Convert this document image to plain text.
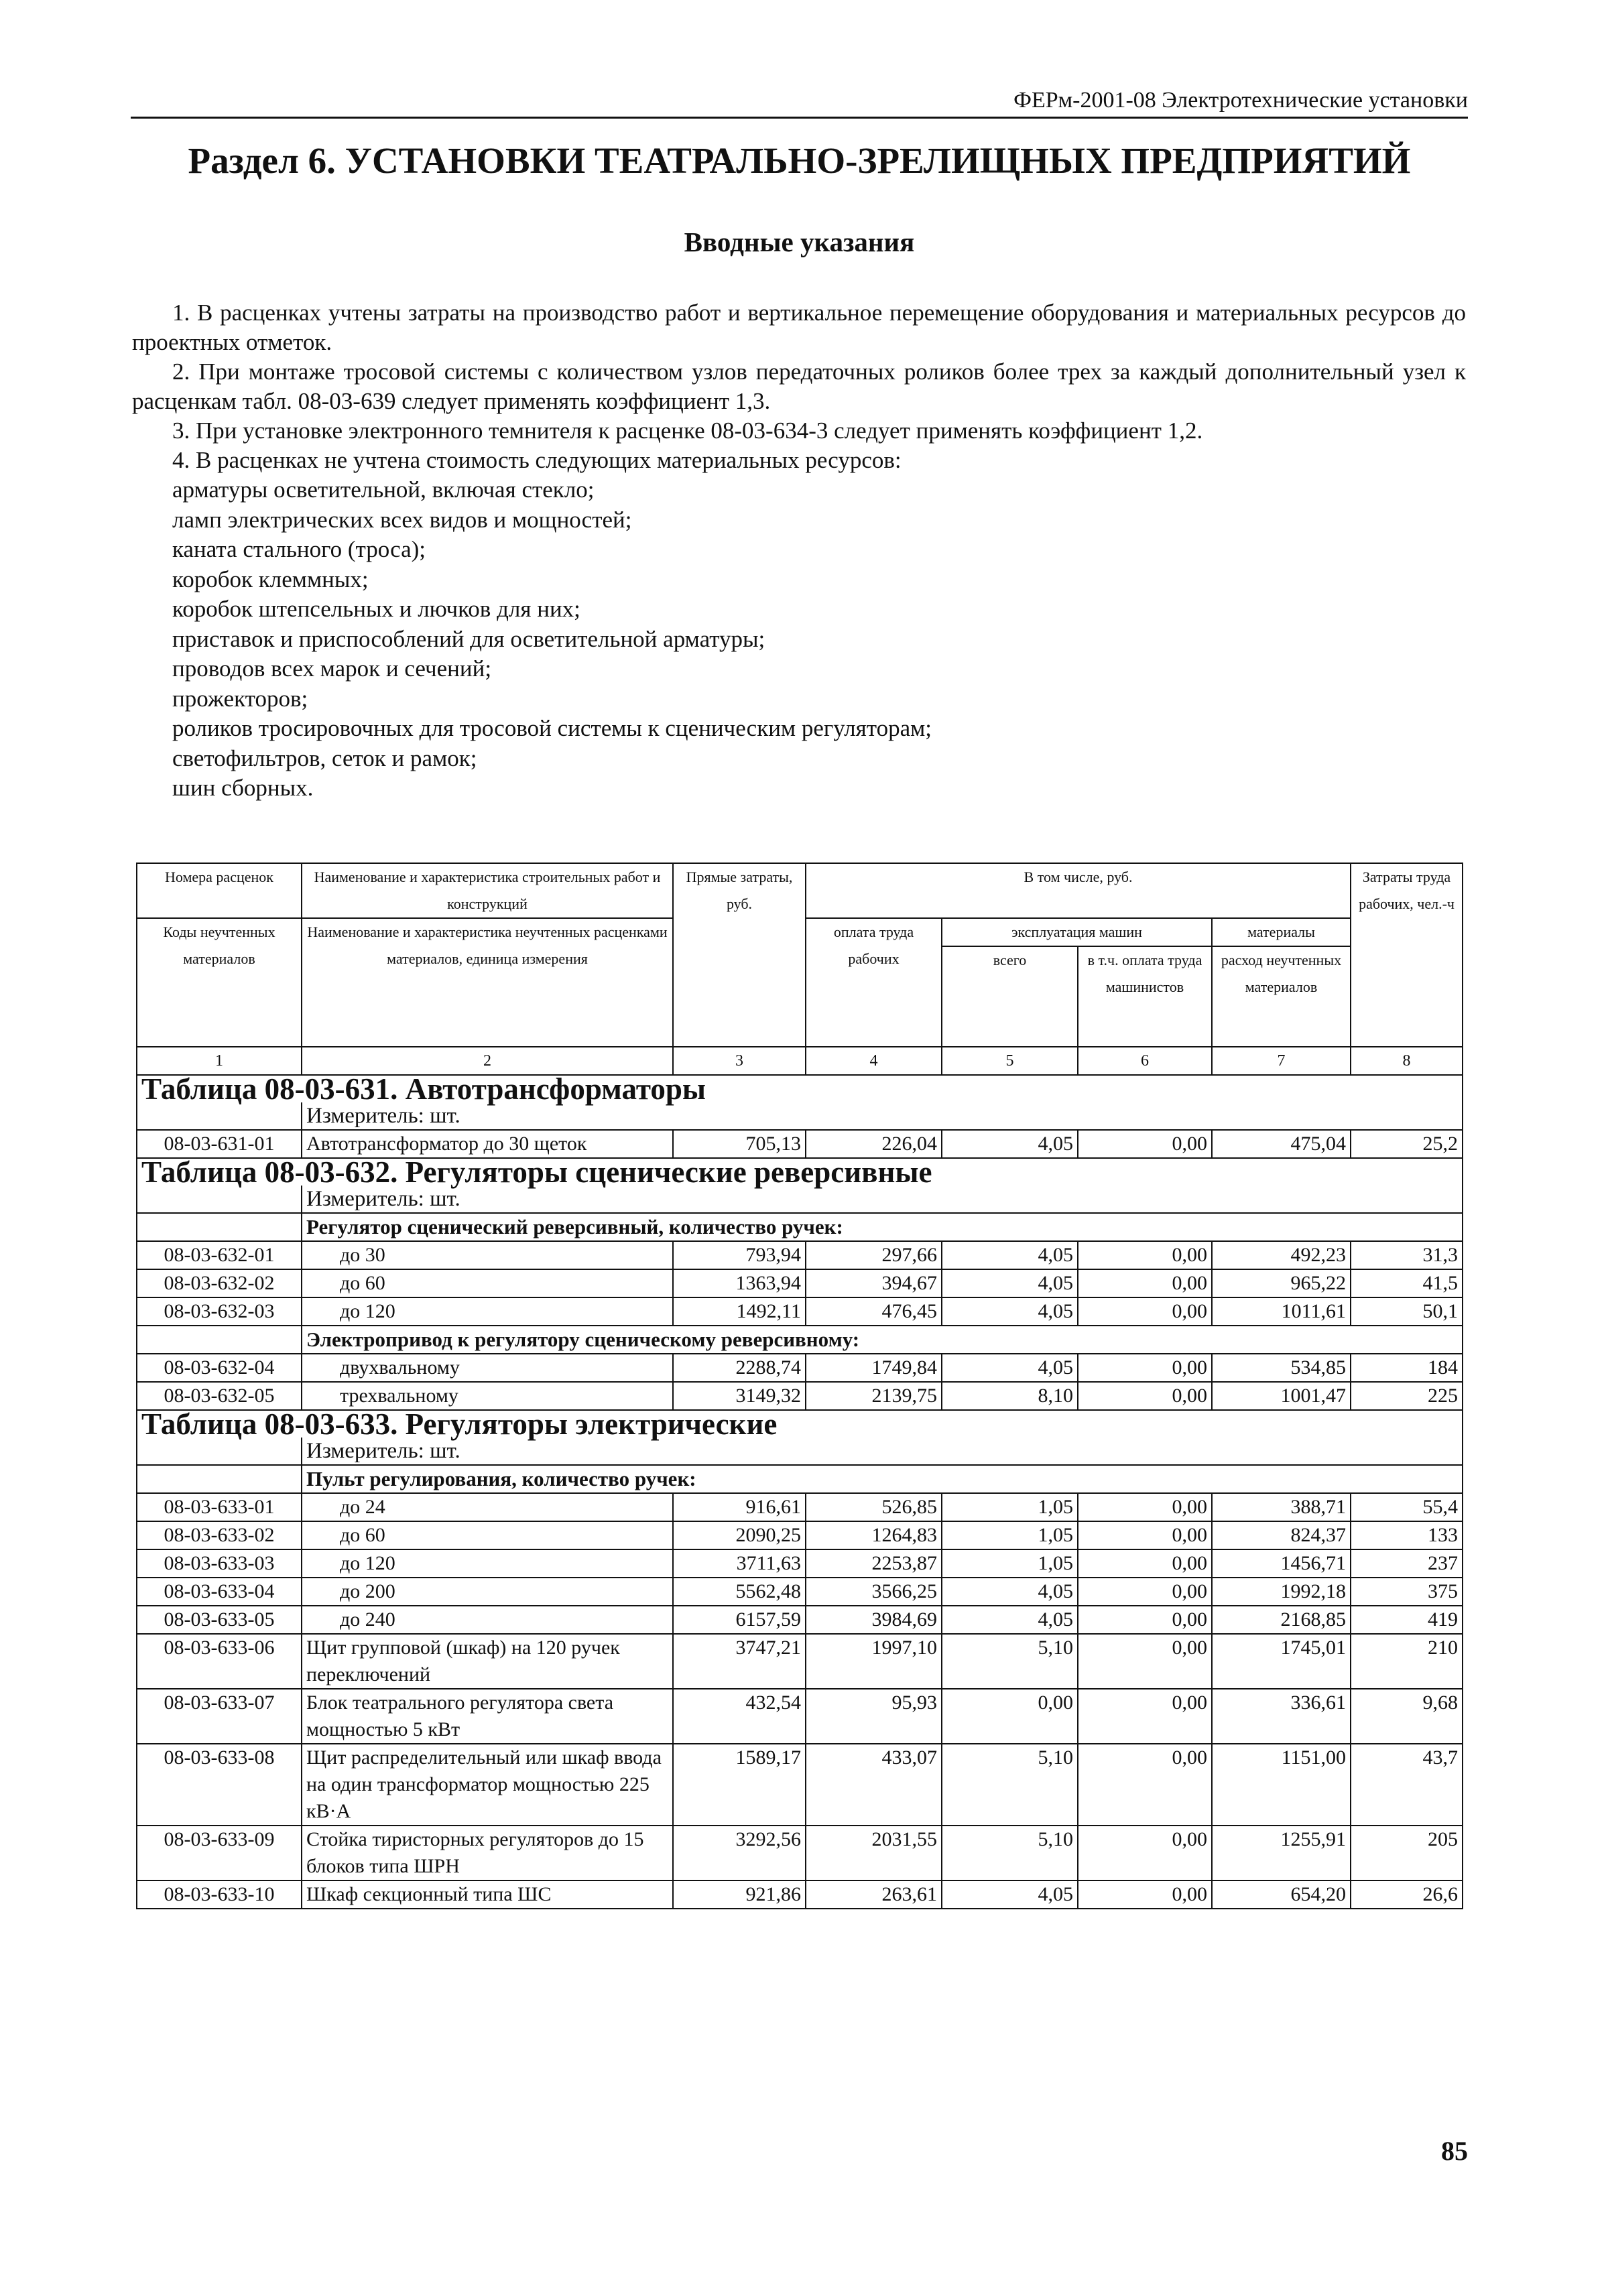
ФЕРм-2001-08 Электротехнические установки
Раздел 6. УСТАНОВКИ ТЕАТРАЛЬНО-ЗРЕЛИЩНЫХ ПРЕДПРИЯТИЙ
Вводные указания

1. В расценках учтены затраты на производство работ и вертикальное перемещение оборудования и материальных ресурсов до проектных отметок.

2. При монтаже тросовой системы с количеством узлов передаточных роликов более трех за каждый дополнительный узел к расценкам табл. 08-03-639 следует применять коэффициент 1,3.

3. При установке электронного темнителя к расценке 08-03-634-3 следует применять коэффициент 1,2.

4. В расценках не учтена стоимость следующих материальных ресурсов:

арматуры осветительной, включая стекло;
ламп электрических всех видов и мощностей;
каната стального (троса);
коробок клеммных;
коробок штепсельных и лючков для них;
приставок и приспособлений для осветительной арматуры;
проводов всех марок и сечений;
прожекторов;
роликов тросировочных для тросовой системы к сценическим регуляторам;
светофильтров, сеток и рамок;
шин сборных.
Номера расценок	Наименование и характеристика строительных работ и конструкций	Прямые затраты, руб.	В том числе, руб.				Затраты труда рабочих, чел.-ч
Коды неучтенных материалов	Наименование и характеристика неучтенных расценками материалов, единица измерения		оплата труда рабочих	эксплуатация машин		материалы	
				всего	в т.ч. оплата труда машинистов	расход неучтенных материалов	
1	2	3	4	5	6	7	8
Таблица 08-03-631. Автотрансформаторы							
	Измеритель: шт.						
08-03-631-01	Автотрансформатор до 30 щеток	705,13	226,04	4,05	0,00	475,04	25,2
Таблица 08-03-632. Регуляторы сценические реверсивные							
	Измеритель: шт.						
	Регулятор сценический реверсивный, количество ручек:						
08-03-632-01	до 30	793,94	297,66	4,05	0,00	492,23	31,3
08-03-632-02	до 60	1363,94	394,67	4,05	0,00	965,22	41,5
08-03-632-03	до 120	1492,11	476,45	4,05	0,00	1011,61	50,1
	Электропривод к регулятору сценическому реверсивному:						
08-03-632-04	двухвальному	2288,74	1749,84	4,05	0,00	534,85	184
08-03-632-05	трехвальному	3149,32	2139,75	8,10	0,00	1001,47	225
Таблица 08-03-633. Регуляторы электрические							
	Измеритель: шт.						
	Пульт регулирования, количество ручек:						
08-03-633-01	до 24	916,61	526,85	1,05	0,00	388,71	55,4
08-03-633-02	до 60	2090,25	1264,83	1,05	0,00	824,37	133
08-03-633-03	до 120	3711,63	2253,87	1,05	0,00	1456,71	237
08-03-633-04	до 200	5562,48	3566,25	4,05	0,00	1992,18	375
08-03-633-05	до 240	6157,59	3984,69	4,05	0,00	2168,85	419
08-03-633-06	Щит групповой (шкаф) на 120 ручек переключений	3747,21	1997,10	5,10	0,00	1745,01	210
08-03-633-07	Блок театрального регулятора света мощностью 5 кВт	432,54	95,93	0,00	0,00	336,61	9,68
08-03-633-08	Щит распределительный или шкаф ввода на один трансформатор мощностью 225 кВ·А	1589,17	433,07	5,10	0,00	1151,00	43,7
08-03-633-09	Стойка тиристорных регуляторов до 15 блоков типа ШРН	3292,56	2031,55	5,10	0,00	1255,91	205
08-03-633-10	Шкаф секционный типа ШС	921,86	263,61	4,05	0,00	654,20	26,6
85
